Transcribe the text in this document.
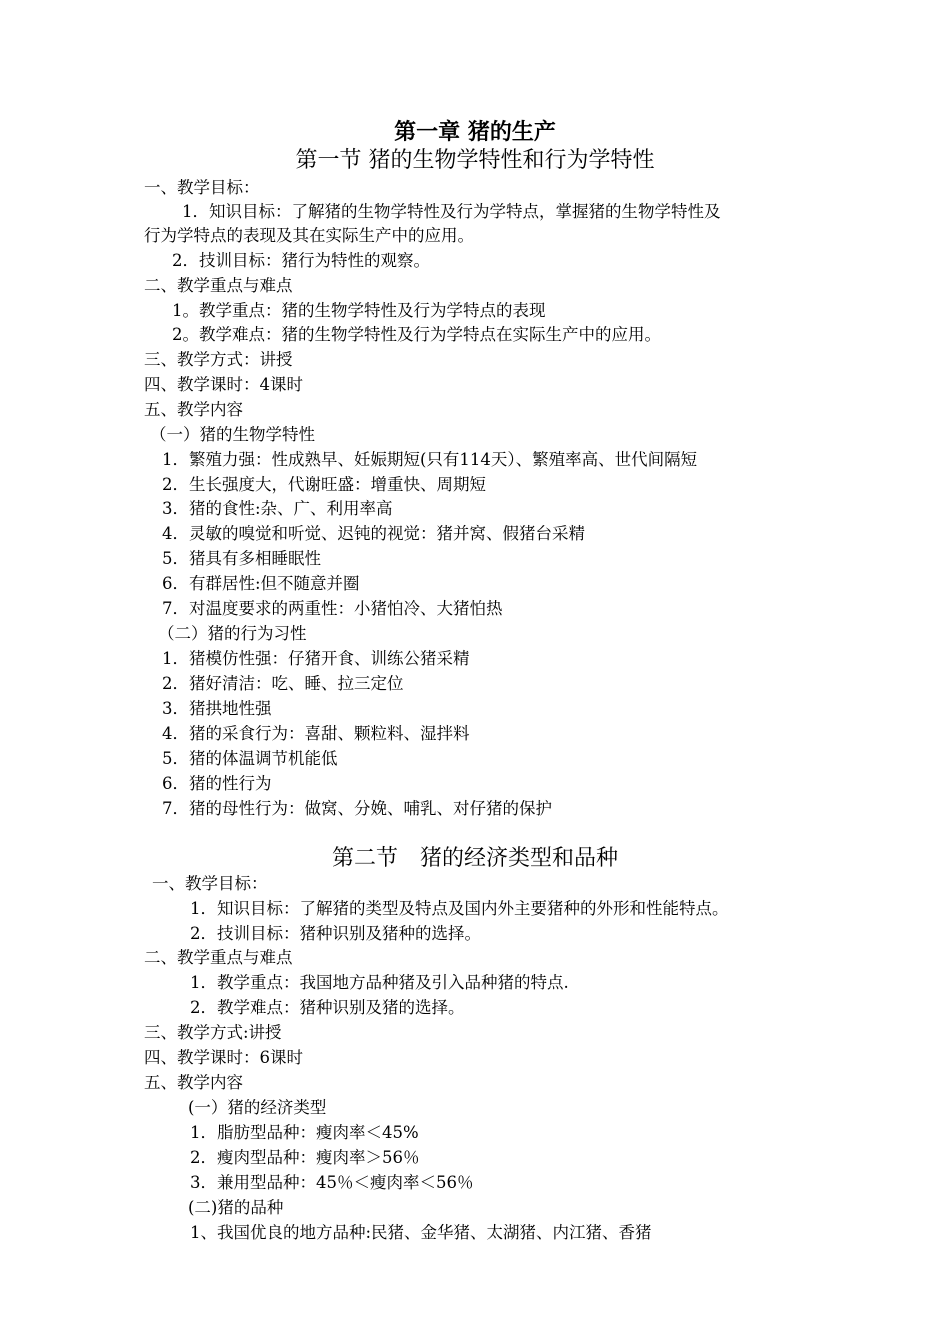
第一章 猪的生产
第一节 猪的生物学特性和行为学特性
一、教学目标：
1．知识目标：了解猪的生物学特性及行为学特点，掌握猪的生物学特性及
行为学特点的表现及其在实际生产中的应用。
2．技训目标：猪行为特性的观察。
二、教学重点与难点
1。教学重点：猪的生物学特性及行为学特点的表现
2。教学难点：猪的生物学特性及行为学特点在实际生产中的应用。
三、教学方式：讲授
四、教学课时：4课时
五、教学内容
（一）猪的生物学特性
1．繁殖力强：性成熟早、妊娠期短(只有114天）、繁殖率高、世代间隔短
2．生长强度大，代谢旺盛：增重快、周期短
3．猪的食性:杂、广、利用率高
4．灵敏的嗅觉和听觉、迟钝的视觉：猪并窝、假猪台采精
5．猪具有多相睡眠性
6．有群居性:但不随意并圈
7．对温度要求的两重性：小猪怕冷、大猪怕热
（二）猪的行为习性
1．猪模仿性强：仔猪开食、训练公猪采精
2．猪好清洁：吃、睡、拉三定位
3．猪拱地性强
4．猪的采食行为：喜甜、颗粒料、湿拌料
5．猪的体温调节机能低
6．猪的性行为
7．猪的母性行为：做窝、分娩、哺乳、对仔猪的保护
第二节　猪的经济类型和品种
一、教学目标：
1．知识目标：了解猪的类型及特点及国内外主要猪种的外形和性能特点。
2．技训目标：猪种识别及猪种的选择。
二、教学重点与难点
1．教学重点：我国地方品种猪及引入品种猪的特点.
2．教学难点：猪种识别及猪的选择。
三、教学方式:讲授
四、教学课时：6课时
五、教学内容
(一）猪的经济类型
1．脂肪型品种：瘦肉率＜45%
2．瘦肉型品种：瘦肉率＞56％
3．兼用型品种：45％＜瘦肉率＜56％
(二)猪的品种
1、我国优良的地方品种:民猪、金华猪、太湖猪、内江猪、香猪
